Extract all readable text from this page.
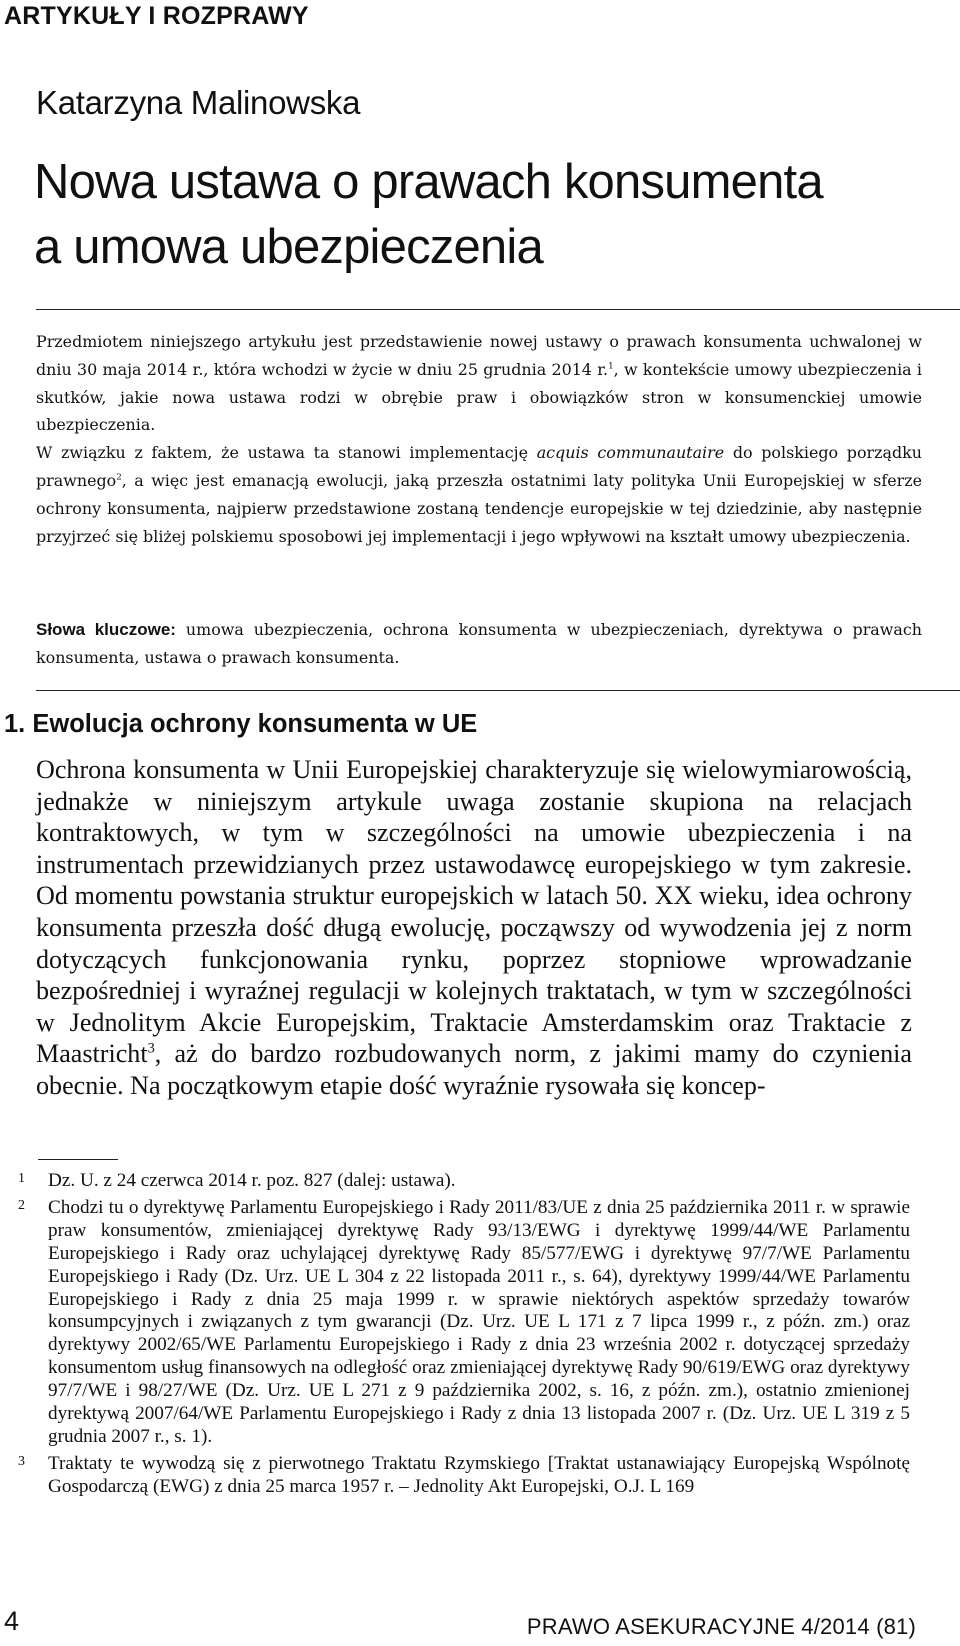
ARTYKUŁY I ROZPRAWY
Katarzyna Malinowska
Nowa ustawa o prawach konsumenta
a umowa ubezpieczenia

Przedmiotem niniejszego artykułu jest przedstawienie nowej ustawy o prawach konsumenta uchwalonej w dniu 30 maja 2014 r., która wchodzi w życie w dniu 25 grudnia 2014 r.$^1$, w kontekście umowy ubezpieczenia i skutków, jakie nowa ustawa rodzi w obrębie praw i obowiązków stron w konsumenckiej umowie ubezpieczenia.

W związku z faktem, że ustawa ta stanowi implementację acquis communautaire do polskiego porządku prawnego$^2$, a więc jest emanacją ewolucji, jaką przeszła ostatnimi laty polityka Unii Europejskiej w sferze ochrony konsumenta, najpierw przedstawione zostaną tendencje europejskie w tej dziedzinie, aby następnie przyjrzeć się bliżej polskiemu sposobowi jej implementacji i jego wpływowi na kształt umowy ubezpieczenia.

Słowa kluczowe: umowa ubezpieczenia, ochrona konsumenta w ubezpieczeniach, dyrektywa o prawach konsumenta, ustawa o prawach konsumenta.

1. Ewolucja ochrony konsumenta w UE

Ochrona konsumenta w Unii Europejskiej charakteryzuje się wielowymiarowością, jednakże w niniejszym artykule uwaga zostanie skupiona na relacjach kontraktowych, w tym w szczególności na umowie ubezpieczenia i na instrumentach przewidzianych przez ustawodawcę europejskiego w tym zakresie. Od momentu powstania struktur europejskich w latach 50. XX wieku, idea ochrony konsumenta przeszła dość długą ewolucję, począwszy od wywodzenia jej z norm dotyczących funkcjonowania rynku, poprzez stopniowe wprowadzanie bezpośredniej i wyraźnej regulacji w kolejnych traktatach, w tym w szczególności w Jednolitym Akcie Europejskim, Traktacie Amsterdamskim oraz Traktacie z Maastricht$^3$, aż do bardzo rozbudowanych norm, z jakimi mamy do czynienia obecnie. Na początkowym etapie dość wyraźnie rysowała się koncep-

1	Dz. U. z 24 czerwca 2014 r. poz. 827 (dalej: ustawa).
2	Chodzi tu o dyrektywę Parlamentu Europejskiego i Rady 2011/83/UE z dnia 25 października 2011 r. w sprawie praw konsumentów, zmieniającej dyrektywę Rady 93/13/EWG i dyrektywę 1999/44/WE Parlamentu Europejskiego i Rady oraz uchylającej dyrektywę Rady 85/577/EWG i dyrektywę 97/7/WE Parlamentu Europejskiego i Rady (Dz. Urz. UE L 304 z 22 listopada 2011 r., s. 64), dyrektywy 1999/44/WE Parlamentu Europejskiego i Rady z dnia 25 maja 1999 r. w sprawie niektórych aspektów sprzedaży towarów konsumpcyjnych i związanych z tym gwarancji (Dz. Urz. UE L 171 z 7 lipca 1999 r., z późn. zm.) oraz dyrektywy 2002/65/WE Parlamentu Europejskiego i Rady z dnia 23 września 2002 r. dotyczącej sprzedaży konsumentom usług finansowych na odległość oraz zmieniającej dyrektywę Rady 90/619/EWG oraz dyrektywy 97/7/WE i 98/27/WE (Dz. Urz. UE L 271 z 9 października 2002, s. 16, z późn. zm.), ostatnio zmienionej dyrektywą 2007/64/WE Parlamentu Europejskiego i Rady z dnia 13 listopada 2007 r. (Dz. Urz. UE L 319 z 5 grudnia 2007 r., s. 1).
3	Traktaty te wywodzą się z pierwotnego Traktatu Rzymskiego [Traktat ustanawiający Europejską Wspólnotę Gospodarczą (EWG) z dnia 25 marca 1957 r. – Jednolity Akt Europejski, O.J. L 169
4	PRAWO ASEKURACYJNE 4/2014 (81)
